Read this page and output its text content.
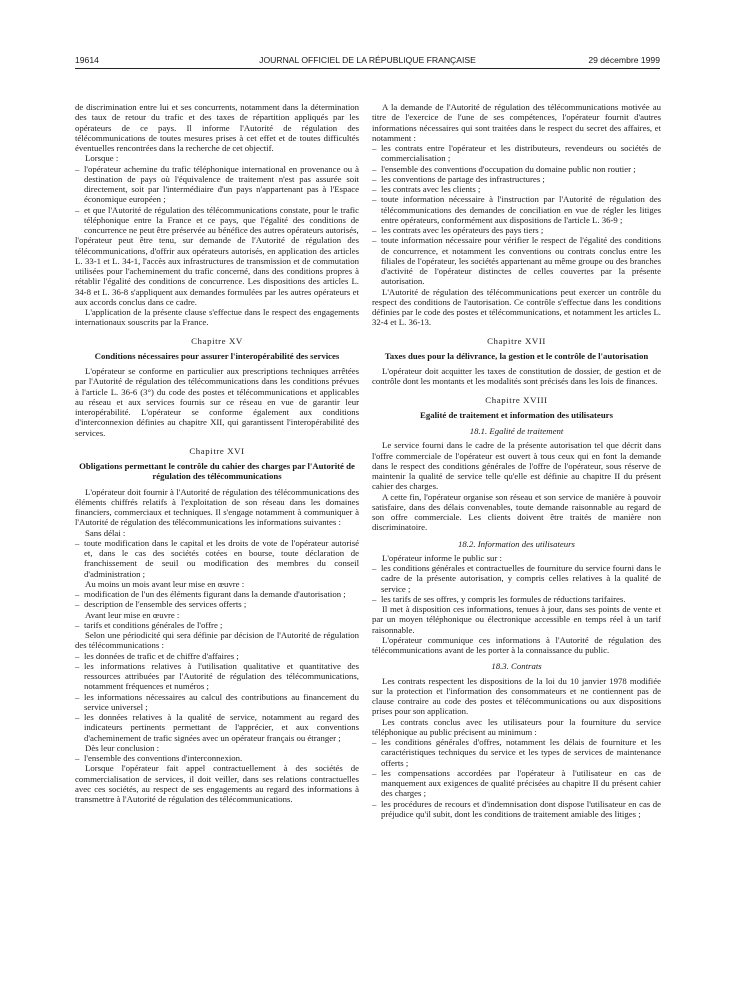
19614	JOURNAL OFFICIEL DE LA RÉPUBLIQUE FRANÇAISE	29 décembre 1999

de discrimination entre lui et ses concurrents, notamment dans la détermination des taux de retour du trafic et des taxes de répartition appliqués par les opérateurs de ce pays. Il informe l'Autorité de régulation des télécommunications de toutes mesures prises à cet effet et de toutes difficultés éventuelles rencontrées dans la recherche de cet objectif.

Lorsque :

– l'opérateur achemine du trafic téléphonique international en provenance ou à destination de pays où l'équivalence de traitement n'est pas assurée soit directement, soit par l'intermédiaire d'un pays n'appartenant pas à l'Espace économique européen ;
– et que l'Autorité de régulation des télécommunications constate, pour le trafic téléphonique entre la France et ce pays, que l'égalité des conditions de concurrence ne peut être préservée au bénéfice des autres opérateurs autorisés,

l'opérateur peut être tenu, sur demande de l'Autorité de régulation des télécommunications, d'offrir aux opérateurs autorisés, en application des articles L. 33-1 et L. 34-1, l'accès aux infrastructures de transmission et de commutation utilisées pour l'acheminement du trafic concerné, dans des conditions propres à rétablir l'égalité des conditions de concurrence. Les dispositions des articles L. 34-8 et L. 36-8 s'appliquent aux demandes formulées par les autres opérateurs et aux accords conclus dans ce cadre.

L'application de la présente clause s'effectue dans le respect des engagements internationaux souscrits par la France.

Chapitre XV
Conditions nécessaires pour assurer l'interopérabilité des services

L'opérateur se conforme en particulier aux prescriptions techniques arrêtées par l'Autorité de régulation des télécommunications dans les conditions prévues à l'article L. 36-6 (3°) du code des postes et télécommunications et applicables au réseau et aux services fournis sur ce réseau en vue de garantir leur interopérabilité. L'opérateur se conforme également aux conditions d'interconnexion définies au chapitre XII, qui garantissent l'interopérabilité des services.

Chapitre XVI
Obligations permettant le contrôle du cahier des charges par l'Autorité de régulation des télécommunications

L'opérateur doit fournir à l'Autorité de régulation des télécommunications des éléments chiffrés relatifs à l'exploitation de son réseau dans les domaines financiers, commerciaux et techniques. Il s'engage notamment à communiquer à l'Autorité de régulation des télécommunications les informations suivantes :

Sans délai :

– toute modification dans le capital et les droits de vote de l'opérateur autorisé et, dans le cas des sociétés cotées en bourse, toute déclaration de franchissement de seuil ou modification des membres du conseil d'administration ;

Au moins un mois avant leur mise en œuvre :

– modification de l'un des éléments figurant dans la demande d'autorisation ;
– description de l'ensemble des services offerts ;

Avant leur mise en œuvre :

– tarifs et conditions générales de l'offre ;

Selon une périodicité qui sera définie par décision de l'Autorité de régulation des télécommunications :

– les données de trafic et de chiffre d'affaires ;
– les informations relatives à l'utilisation qualitative et quantitative des ressources attribuées par l'Autorité de régulation des télécommunications, notamment fréquences et numéros ;
– les informations nécessaires au calcul des contributions au financement du service universel ;
– les données relatives à la qualité de service, notamment au regard des indicateurs pertinents permettant de l'apprécier, et aux conventions d'acheminement de trafic signées avec un opérateur français ou étranger ;

Dès leur conclusion :

– l'ensemble des conventions d'interconnexion.

Lorsque l'opérateur fait appel contractuellement à des sociétés de commercialisation de services, il doit veiller, dans ses relations contractuelles avec ces sociétés, au respect de ses engagements au regard des informations à transmettre à l'Autorité de régulation des télécommunications.

A la demande de l'Autorité de régulation des télécommunications motivée au titre de l'exercice de l'une de ses compétences, l'opérateur fournit d'autres informations nécessaires qui sont traitées dans le respect du secret des affaires, et notamment :

– les contrats entre l'opérateur et les distributeurs, revendeurs ou sociétés de commercialisation ;
– l'ensemble des conventions d'occupation du domaine public non routier ;
– les conventions de partage des infrastructures ;
– les contrats avec les clients ;
– toute information nécessaire à l'instruction par l'Autorité de régulation des télécommunications des demandes de conciliation en vue de régler les litiges entre opérateurs, conformément aux dispositions de l'article L. 36-9 ;
– les contrats avec les opérateurs des pays tiers ;
– toute information nécessaire pour vérifier le respect de l'égalité des conditions de concurrence, et notamment les conventions ou contrats conclus entre les filiales de l'opérateur, les sociétés appartenant au même groupe ou des branches d'activité de l'opérateur distinctes de celles couvertes par la présente autorisation.

L'Autorité de régulation des télécommunications peut exercer un contrôle du respect des conditions de l'autorisation. Ce contrôle s'effectue dans les conditions définies par le code des postes et télécommunications, et notamment les articles L. 32-4 et L. 36-13.

Chapitre XVII
Taxes dues pour la délivrance, la gestion et le contrôle de l'autorisation

L'opérateur doit acquitter les taxes de constitution de dossier, de gestion et de contrôle dont les montants et les modalités sont précisés dans les lois de finances.

Chapitre XVIII
Egalité de traitement et information des utilisateurs
18.1. Egalité de traitement

Le service fourni dans le cadre de la présente autorisation tel que décrit dans l'offre commerciale de l'opérateur est ouvert à tous ceux qui en font la demande dans le respect des conditions générales de l'offre de l'opérateur, sous réserve de maintenir la qualité de service telle qu'elle est définie au chapitre II du présent cahier des charges.

A cette fin, l'opérateur organise son réseau et son service de manière à pouvoir satisfaire, dans des délais convenables, toute demande raisonnable au regard de son offre commerciale. Les clients doivent être traités de manière non discriminatoire.

18.2. Information des utilisateurs

L'opérateur informe le public sur :

– les conditions générales et contractuelles de fourniture du service fourni dans le cadre de la présente autorisation, y compris celles relatives à la qualité de service ;
– les tarifs de ses offres, y compris les formules de réductions tarifaires.

Il met à disposition ces informations, tenues à jour, dans ses points de vente et par un moyen téléphonique ou électronique accessible en temps réel à un tarif raisonnable.

L'opérateur communique ces informations à l'Autorité de régulation des télécommunications avant de les porter à la connaissance du public.

18.3. Contrats

Les contrats respectent les dispositions de la loi du 10 janvier 1978 modifiée sur la protection et l'information des consommateurs et ne contiennent pas de clause contraire au code des postes et télécommunications ou aux dispositions prises pour son application.

Les contrats conclus avec les utilisateurs pour la fourniture du service téléphonique au public précisent au minimum :

– les conditions générales d'offres, notamment les délais de fourniture et les caractéristiques techniques du service et les types de services de maintenance offerts ;
– les compensations accordées par l'opérateur à l'utilisateur en cas de manquement aux exigences de qualité précisées au chapitre II du présent cahier des charges ;
– les procédures de recours et d'indemnisation dont dispose l'utilisateur en cas de préjudice qu'il subit, dont les conditions de traitement amiable des litiges ;
